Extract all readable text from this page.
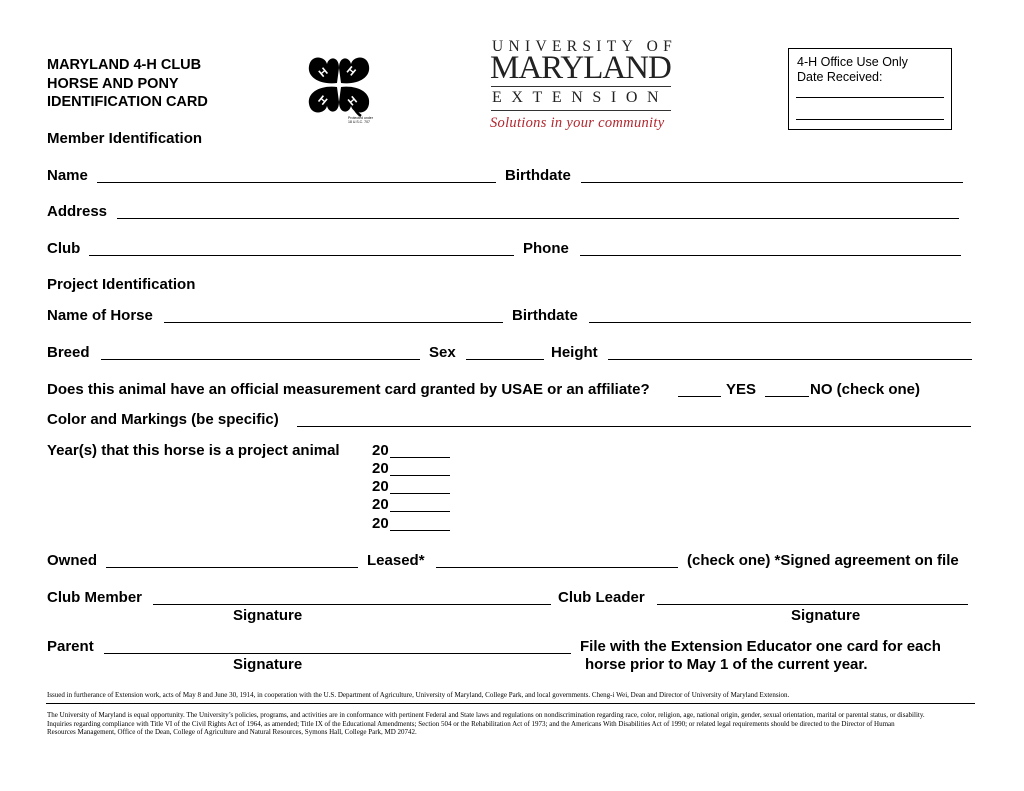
MARYLAND 4-H CLUB
HORSE AND PONY
IDENTIFICATION CARD
H H
H H
Protected under 18 U.S.C. 707
UNIVERSITY OF
MARYLAND
EXTENSION
Solutions in your community
4-H Office Use Only
Date Received:
Member Identification
Name	Birthdate
Address
Club	Phone
Project Identification
Name of Horse	Birthdate
Breed	Sex	Height
Does this animal have an official measurement card granted by USAE or an affiliate?	YES	NO (check one)
Color and Markings (be specific)
Year(s) that this horse is a project animal 20
20
20
20
20
Owned	Leased*	(check one) *Signed agreement on file
Club Member
Signature
Club Leader
Signature
Parent
Signature
File with the Extension Educator one card for each
horse prior to May 1 of the current year.
Issued in furtherance of Extension work, acts of May 8 and June 30, 1914, in cooperation with the U.S. Department of Agriculture, University of Maryland, College Park, and local governments. Cheng-i Wei, Dean and Director of University of Maryland Extension.
The University of Maryland is equal opportunity. The University’s policies, programs, and activities are in conformance with pertinent Federal and State laws and regulations on nondiscrimination regarding race, color, religion, age, national origin, gender, sexual orientation, marital or parental status, or disability.
Inquiries regarding compliance with Title VI of the Civil Rights Act of 1964, as amended; Title IX of the Educational Amendments; Section 504 or the Rehabilitation Act of 1973; and the Americans With Disabilities Act of 1990; or related legal requirements should be directed to the Director of Human
Resources Management, Office of the Dean, College of Agriculture and Natural Resources, Symons Hall, College Park, MD 20742.
